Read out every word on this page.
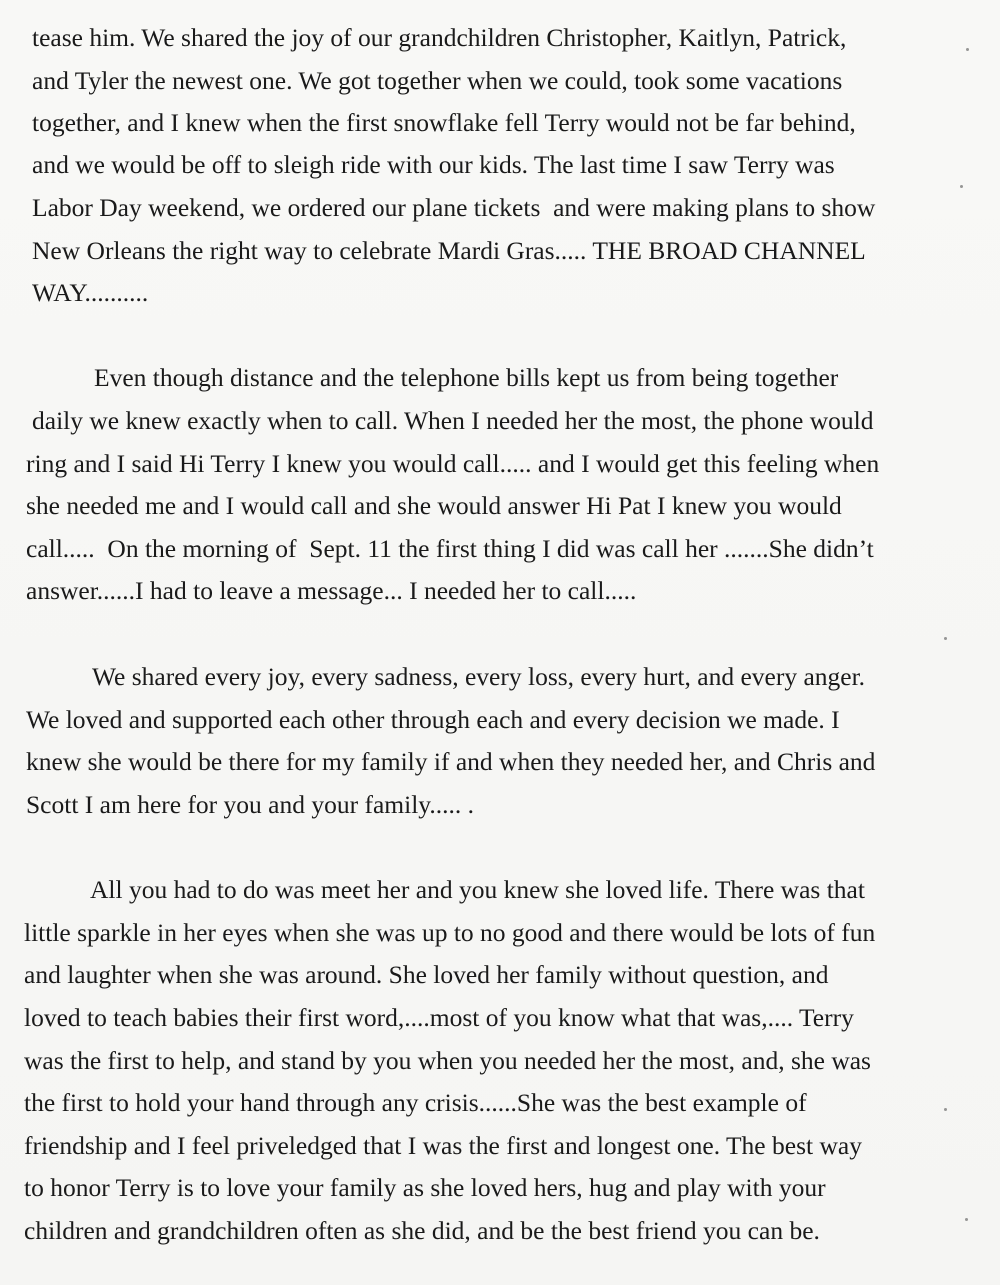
tease him. We shared the joy of our grandchildren Christopher, Kaitlyn, Patrick,
and Tyler the newest one. We got together when we could, took some vacations
together, and I knew when the first snowflake fell Terry would not be far behind,
and we would be off to sleigh ride with our kids. The last time I saw Terry was
Labor Day weekend, we ordered our plane tickets  and were making plans to show
New Orleans the right way to celebrate Mardi Gras..... THE BROAD CHANNEL
WAY..........
Even though distance and the telephone bills kept us from being together
daily we knew exactly when to call. When I needed her the most, the phone would
ring and I said Hi Terry I knew you would call..... and I would get this feeling when
she needed me and I would call and she would answer Hi Pat I knew you would
call.....  On the morning of  Sept. 11 the first thing I did was call her .......She didn’t
answer......I had to leave a message... I needed her to call.....
We shared every joy, every sadness, every loss, every hurt, and every anger.
We loved and supported each other through each and every decision we made. I
knew she would be there for my family if and when they needed her, and Chris and
Scott I am here for you and your family..... .
All you had to do was meet her and you knew she loved life. There was that
little sparkle in her eyes when she was up to no good and there would be lots of fun
and laughter when she was around. She loved her family without question, and
loved to teach babies their first word,....most of you know what that was,.... Terry
was the first to help, and stand by you when you needed her the most, and, she was
the first to hold your hand through any crisis......She was the best example of
friendship and I feel priveledged that I was the first and longest one. The best way
to honor Terry is to love your family as she loved hers, hug and play with your
children and grandchildren often as she did, and be the best friend you can be.
